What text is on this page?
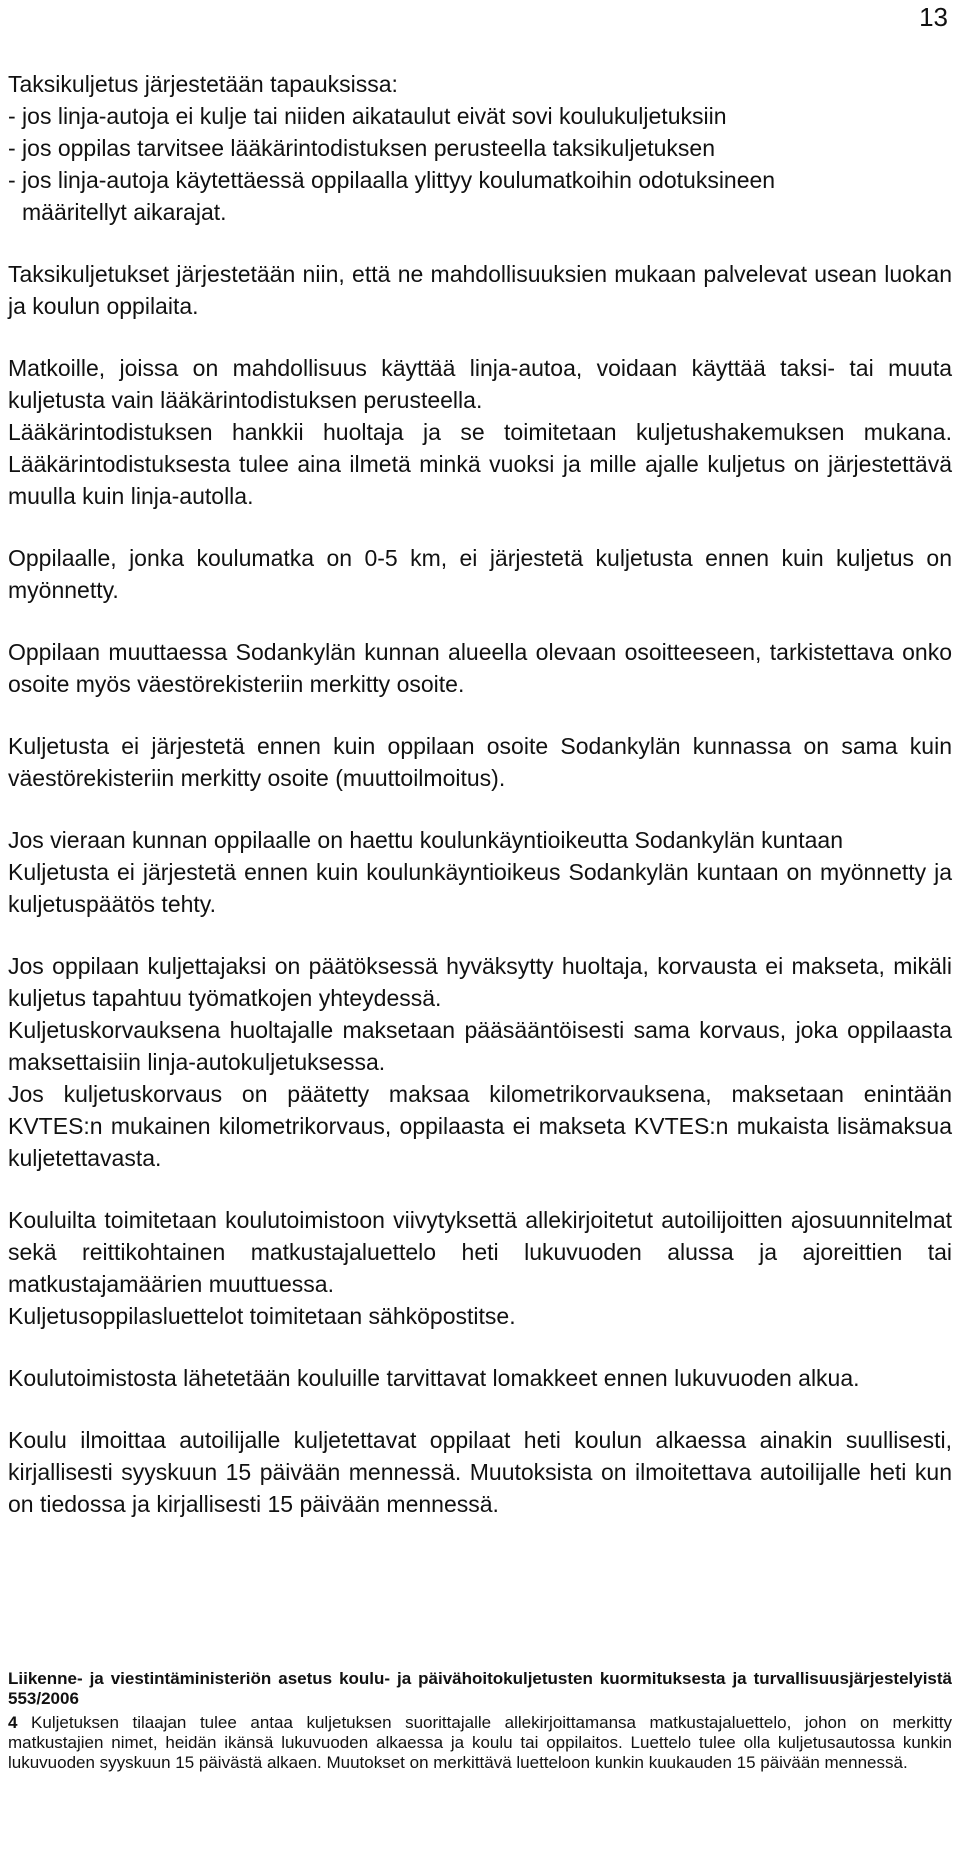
13
Taksikuljetus järjestetään tapauksissa:
- jos linja-autoja ei kulje tai niiden aikataulut eivät sovi koulukuljetuksiin
- jos oppilas tarvitsee lääkärintodistuksen perusteella taksikuljetuksen
- jos linja-autoja käytettäessä oppilaalla ylittyy koulumatkoihin odotuksineen
määritellyt aikarajat.

Taksikuljetukset järjestetään niin, että ne mahdollisuuksien mukaan palvelevat usean luokan ja koulun oppilaita.

Matkoille, joissa on mahdollisuus käyttää linja-autoa, voidaan käyttää taksi- tai muuta kuljetusta vain lääkärintodistuksen perusteella.

Lääkärintodistuksen hankkii huoltaja ja se toimitetaan kuljetushakemuksen mukana. Lääkärintodistuksesta tulee aina ilmetä minkä vuoksi ja mille ajalle kuljetus on järjestettävä muulla kuin linja-autolla.

Oppilaalle, jonka koulumatka on 0-5 km, ei järjestetä kuljetusta ennen kuin kuljetus on myönnetty.

Oppilaan muuttaessa Sodankylän kunnan alueella olevaan osoitteeseen, tarkistettava onko osoite myös väestörekisteriin merkitty osoite.

Kuljetusta ei järjestetä ennen kuin oppilaan osoite Sodankylän kunnassa on sama kuin väestörekisteriin merkitty osoite (muuttoilmoitus).

Jos vieraan kunnan oppilaalle on haettu koulunkäyntioikeutta Sodankylän kuntaan

Kuljetusta ei järjestetä ennen kuin koulunkäyntioikeus Sodankylän kuntaan on myönnetty ja kuljetuspäätös tehty.

Jos oppilaan kuljettajaksi on päätöksessä hyväksytty huoltaja, korvausta ei makseta, mikäli kuljetus tapahtuu työmatkojen yhteydessä.

Kuljetuskorvauksena huoltajalle maksetaan pääsääntöisesti sama korvaus, joka oppilaasta maksettaisiin linja-autokuljetuksessa.

Jos kuljetuskorvaus on päätetty maksaa kilometrikorvauksena, maksetaan enintään KVTES:n mukainen kilometrikorvaus, oppilaasta ei makseta KVTES:n mukaista lisämaksua kuljetettavasta.

Kouluilta toimitetaan koulutoimistoon viivytyksettä allekirjoitetut autoilijoitten ajosuunnitelmat sekä reittikohtainen matkustajaluettelo heti lukuvuoden alussa ja ajoreittien tai matkustajamäärien muuttuessa.

Kuljetusoppilasluettelot toimitetaan sähköpostitse.

Koulutoimistosta lähetetään kouluille tarvittavat lomakkeet ennen lukuvuoden alkua.

Koulu ilmoittaa autoilijalle kuljetettavat oppilaat heti koulun alkaessa ainakin suullisesti, kirjallisesti syyskuun 15 päivään mennessä. Muutoksista on ilmoitettava autoilijalle heti kun on tiedossa ja kirjallisesti 15 päivään mennessä.

Liikenne- ja viestintäministeriön asetus koulu- ja päivähoitokuljetusten kuormituksesta ja turvallisuusjärjestelyistä 553/2006
4 Kuljetuksen tilaajan tulee antaa kuljetuksen suorittajalle allekirjoittamansa matkustajaluettelo, johon on merkitty matkustajien nimet, heidän ikänsä lukuvuoden alkaessa ja koulu tai oppilaitos. Luettelo tulee olla kuljetusautossa kunkin lukuvuoden syyskuun 15 päivästä alkaen. Muutokset on merkittävä luetteloon kunkin kuukauden 15 päivään mennessä.
